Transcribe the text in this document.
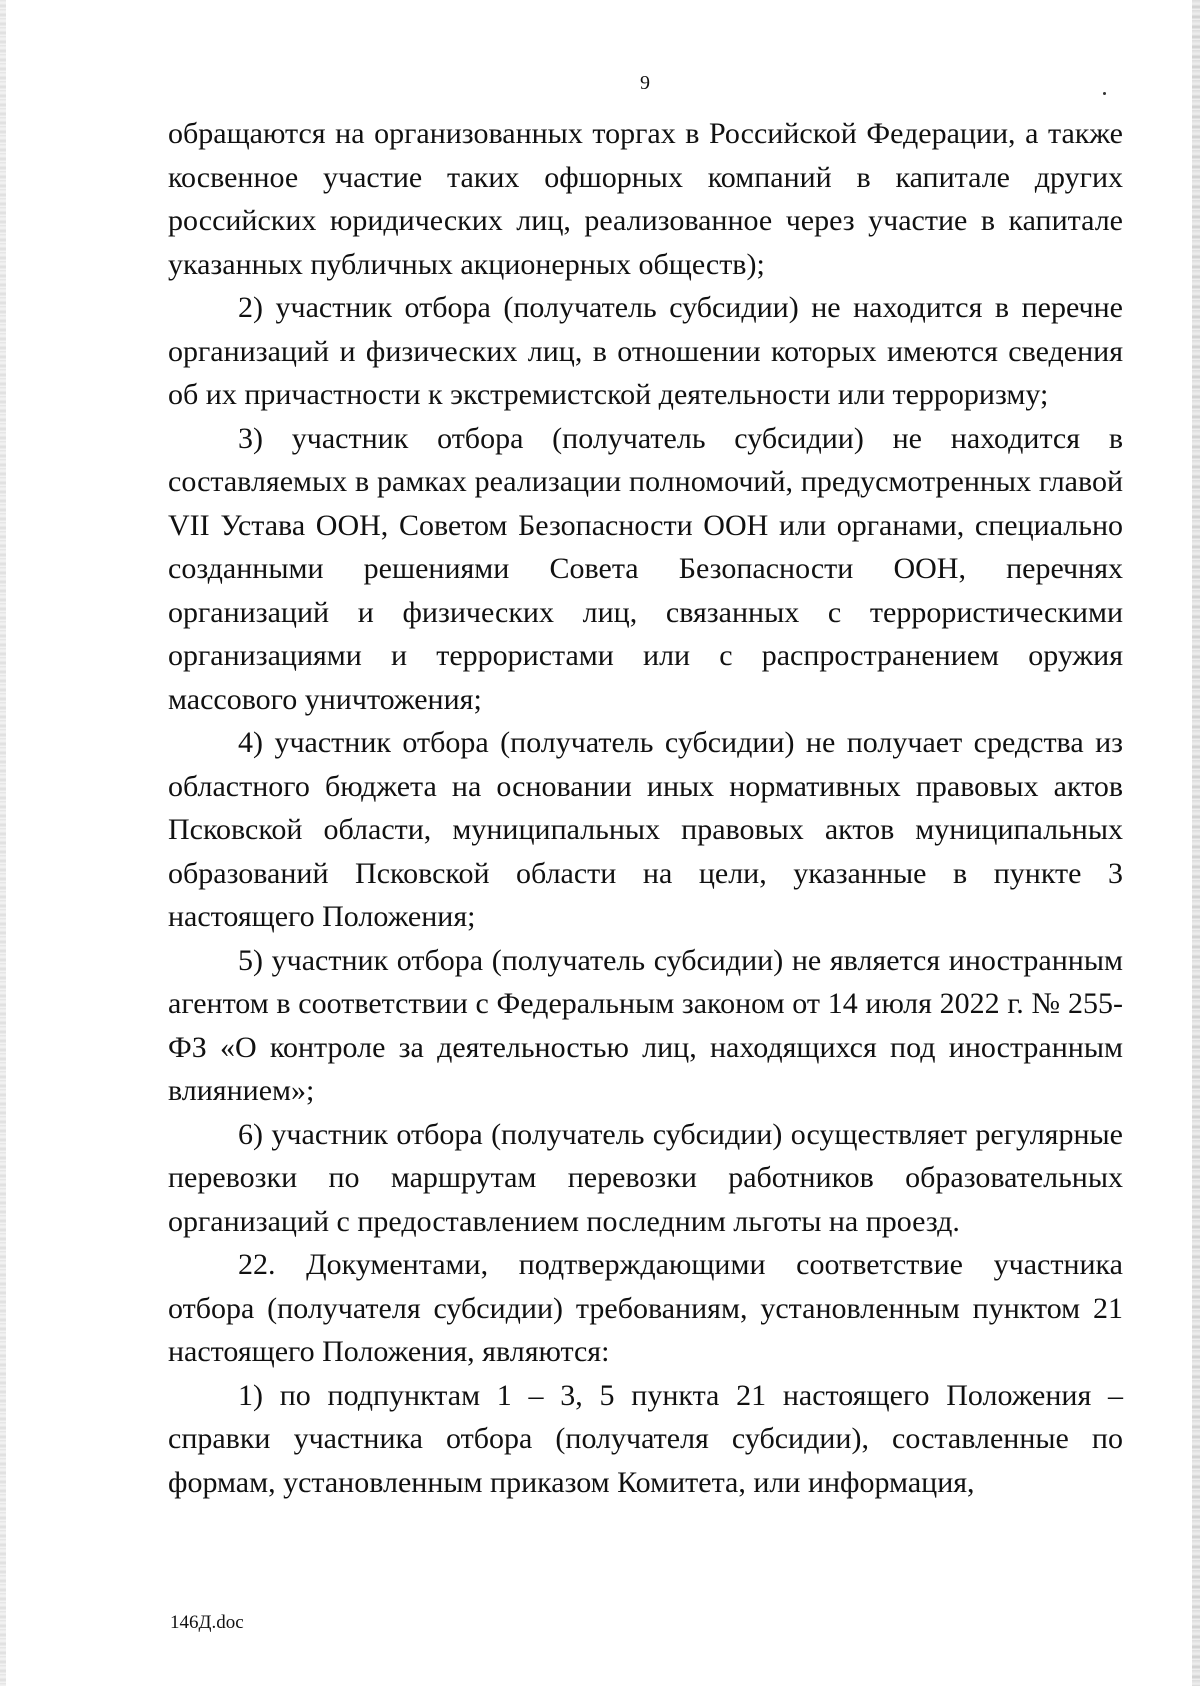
9

обращаются на организованных торгах в Российской Федерации, а также косвенное участие таких офшорных компаний в капитале других российских юридических лиц, реализованное через участие в капитале указанных публичных акционерных обществ);

2) участник отбора (получатель субсидии) не находится в перечне организаций и физических лиц, в отношении которых имеются сведения об их причастности к экстремистской деятельности или терроризму;

3) участник отбора (получатель субсидии) не находится в составляемых в рамках реализации полномочий, предусмотренных главой VII Устава ООН, Советом Безопасности ООН или органами, специально созданными решениями Совета Безопасности ООН, перечнях организаций и физических лиц, связанных с террористическими организациями и террористами или с распространением оружия массового уничтожения;

4) участник отбора (получатель субсидии) не получает средства из областного бюджета на основании иных нормативных правовых актов Псковской области, муниципальных правовых актов муниципальных образований Псковской области на цели, указанные в пункте 3 настоящего Положения;

5) участник отбора (получатель субсидии) не является иностранным агентом в соответствии с Федеральным законом от 14 июля 2022 г. № 255-ФЗ «О контроле за деятельностью лиц, находящихся под иностранным влиянием»;

6) участник отбора (получатель субсидии) осуществляет регулярные перевозки по маршрутам перевозки работников образовательных организаций с предоставлением последним льготы на проезд.

22. Документами, подтверждающими соответствие участника отбора (получателя субсидии) требованиям, установленным пунктом 21 настоящего Положения, являются:

1) по подпунктам 1 – 3, 5 пункта 21 настоящего Положения – справки участника отбора (получателя субсидии), составленные по формам, установленным приказом Комитета, или информация,

146Д.doc
